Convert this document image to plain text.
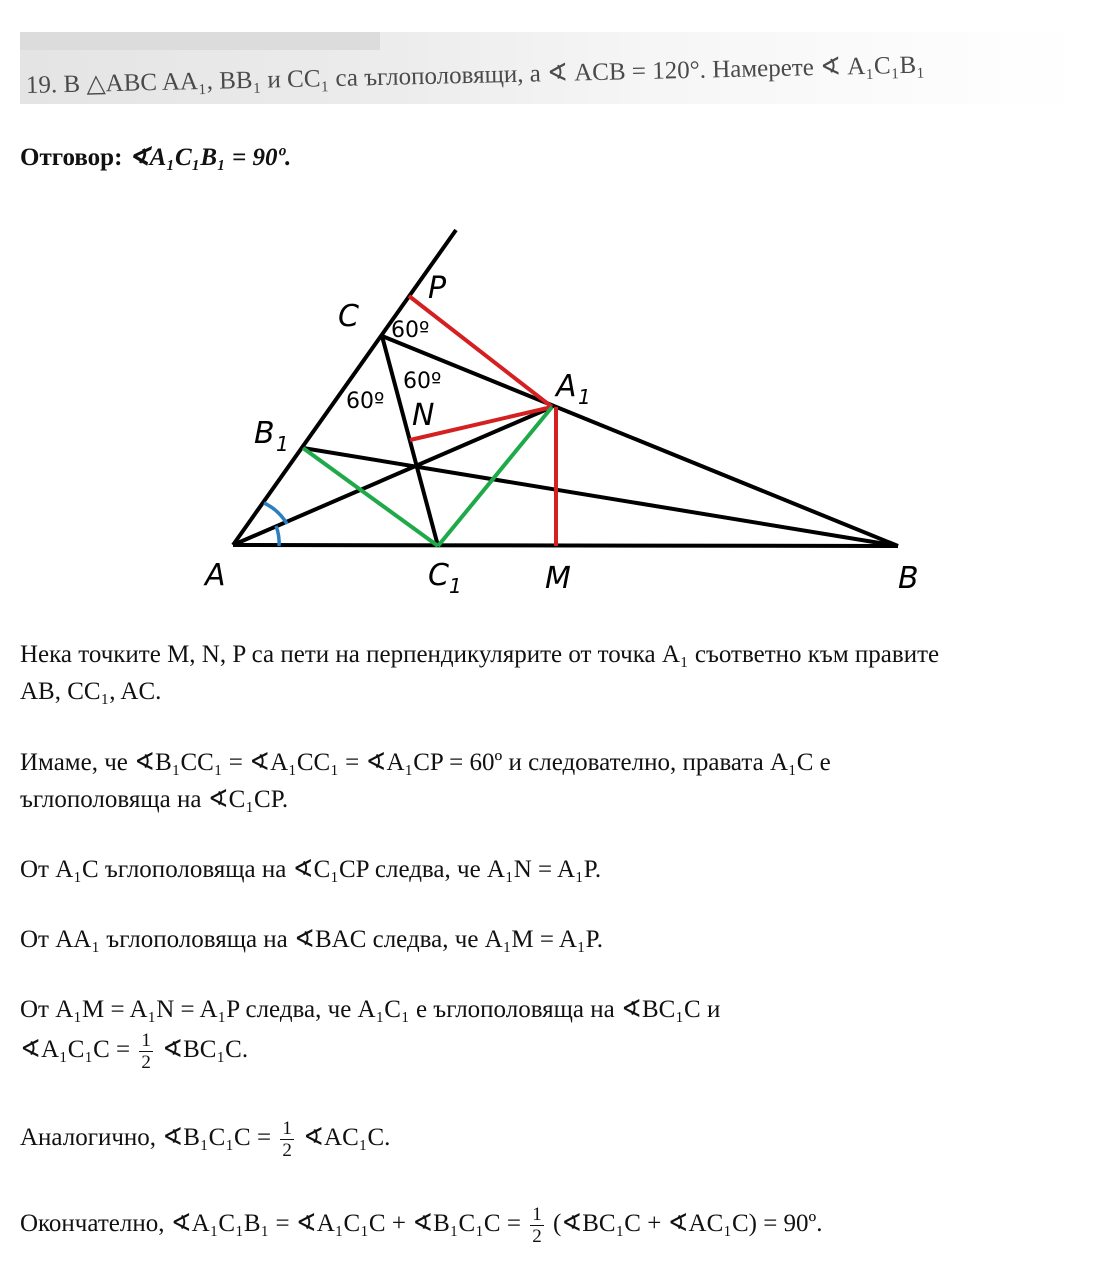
19. В △ABC AA₁, BB₁ и CC₁ са ъглополовящи, а ∢ ACB = 120°. Намерете ∢ A₁C₁B₁
Отговор: ∢A₁C₁B₁ = 90º.
C
P
A 1
N
B 1
A	C 1	M	B
60º
60º
60º
Нека точките M, N, P са пети на перпендикулярите от точка A₁ съответно към правите
AB, CC₁, AC.
Имаме, че ∢B₁CC₁ = ∢A₁CC₁ = ∢A₁CP = 60º и следователно, правата A₁C е
ъглополовяща на ∢C₁CP.
От A₁C ъглополовяща на ∢C₁CP следва, че A₁N = A₁P.
От AA₁ ъглополовяща на ∢BAC следва, че A₁M = A₁P.
От A₁M = A₁N = A₁P следва, че A₁C₁ е ъглополовяща на ∢BC₁C и
∢A₁C₁C = $\frac{1}{2}$ ∢BC₁C.
Аналогично, ∢B₁C₁C = $\frac{1}{2}$ ∢AC₁C.
Окончателно, ∢A₁C₁B₁ = ∢A₁C₁C + ∢B₁C₁C = $\frac{1}{2}$ (∢BC₁C + ∢AC₁C) = 90º.
